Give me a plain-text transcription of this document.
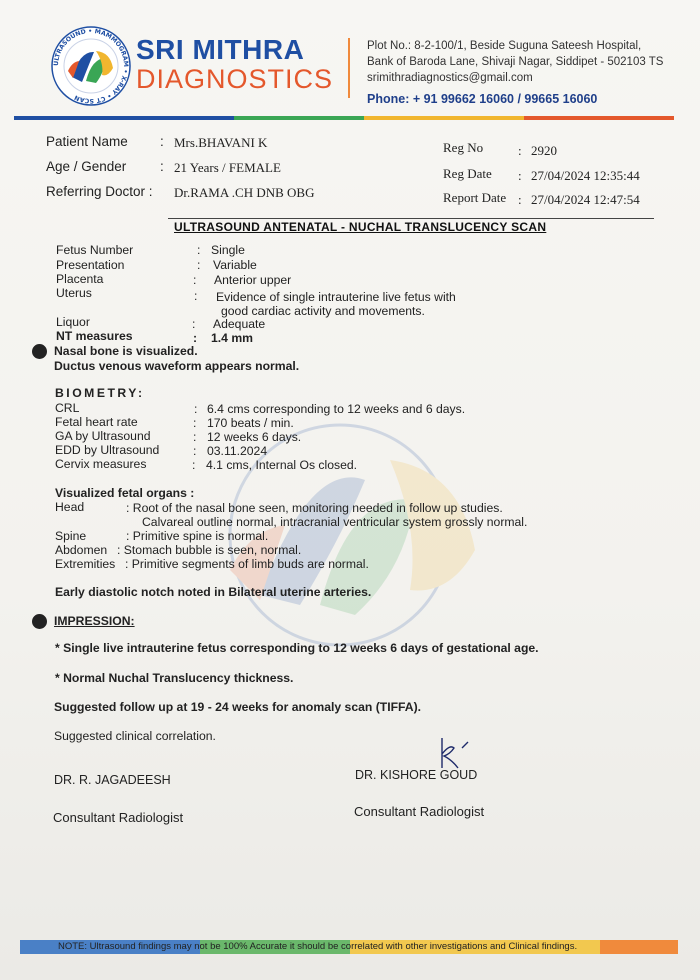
ULTRASOUND • MAMMOGRAM • X-RAY • CT SCAN
SRI MITHRA
DIAGNOSTICS
Plot No.: 8-2-100/1, Beside Suguna Sateesh Hospital,
Bank of Baroda Lane, Shivaji Nagar, Siddipet - 502103 TS
srimithradiagnostics@gmail.com
Phone: + 91 99662 16060 / 99665 16060
Patient Name : Mrs.BHAVANI K
Age / Gender : 21 Years / FEMALE
Referring Doctor : Dr.RAMA .CH DNB OBG
Reg No	: 2920
Reg Date : 27/04/2024 12:35:44
Report Date : 27/04/2024 12:47:54
ULTRASOUND ANTENATAL - NUCHAL TRANSLUCENCY SCAN
Fetus Number	: Single
Presentation	: Variable
Placenta	: Anterior upper
Uterus	: Evidence of single intrauterine live fetus with
good cardiac activity and movements.
Liquor	: Adequate
NT measures	: 1.4 mm
Nasal bone is visualized.
Ductus venous waveform appears normal.
BIOMETRY:
CRL	: 6.4 cms corresponding to 12 weeks and 6 days.
Fetal heart rate	: 170 beats / min.
GA by Ultrasound	: 12 weeks 6 days.
EDD by Ultrasound	: 03.11.2024
Cervix measures	: 4.1 cms, Internal Os closed.
Visualized fetal organs :
Head	: Root of the nasal bone seen, monitoring needed in follow up studies.
Calvareal outline normal, intracranial ventricular system grossly normal.
Spine	: Primitive spine is normal.
Abdomen : Stomach bubble is seen, normal.
Extremities : Primitive segments of limb buds are normal.
Early diastolic notch noted in Bilateral uterine arteries.
IMPRESSION:
* Single live intrauterine fetus corresponding to 12 weeks 6 days of gestational age.
* Normal Nuchal Translucency thickness.
Suggested follow up at 19 - 24 weeks for anomaly scan (TIFFA).
Suggested clinical correlation.
DR. R. JAGADEESH
Consultant Radiologist
DR. KISHORE GOUD
Consultant Radiologist
NOTE: Ultrasound findings may not be 100% Accurate it should be correlated with other investigations and Clinical findings.
